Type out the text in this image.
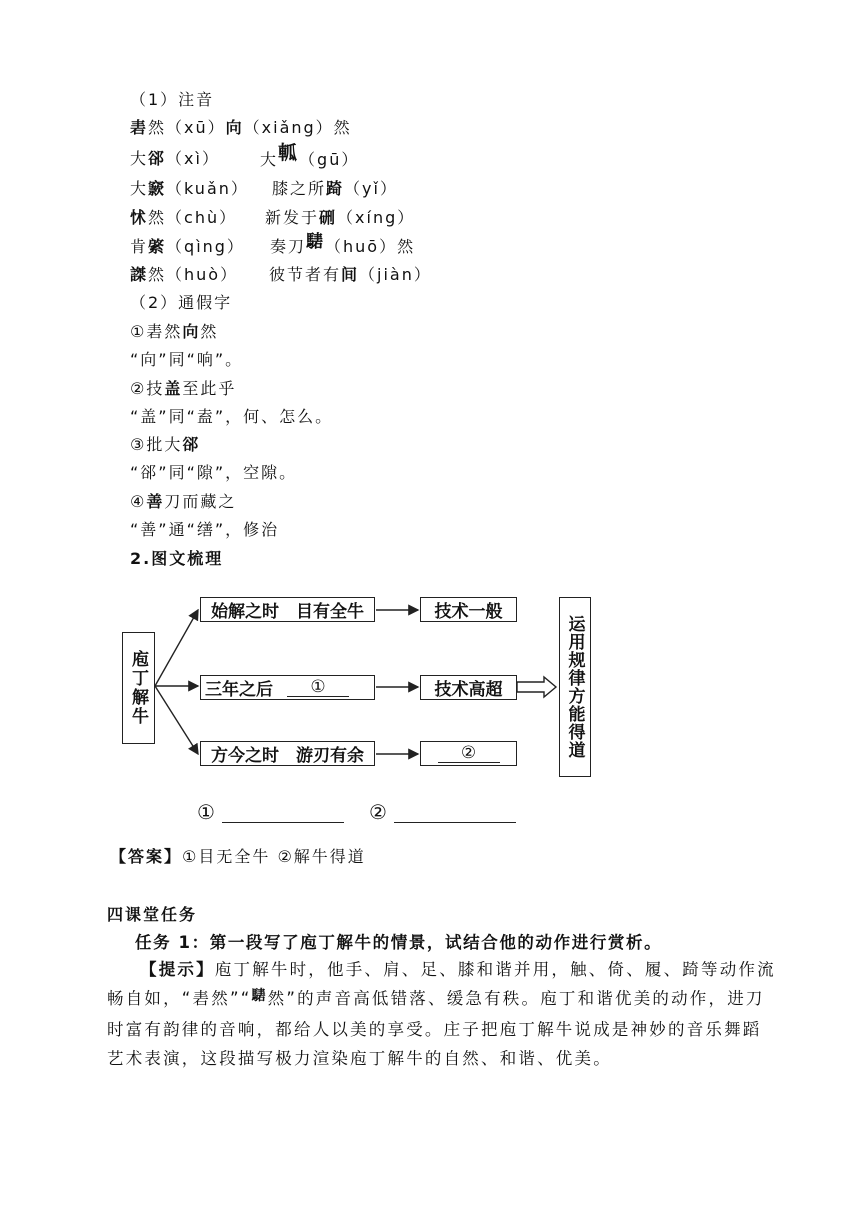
（1）注音
砉然（xū）向（xiǎng）然
大郤（xì）	大軱（gū）
大窾（kuǎn） 膝之所踦（yǐ）
怵然（chù） 新发于硎（xíng）
肯綮（qìng） 奏刀騞（huō）然
謋然（huò） 彼节者有间（jiàn）
（2）通假字
①砉然向然
“向”同“响”。
②技盖至此乎
“盖”同“盍”，何、怎么。
③批大郤
“郤”同“隙”，空隙。
④善刀而藏之
“善”通“缮”，修治
2.图文梳理
庖丁解牛
始解之时　目有全牛
三年之后	①
方今之时　游刃有余
技术一般
技术高超
②	运用规律方能得道
①	②
【答案】①目无全牛 ②解牛得道
四课堂任务
任务 1：第一段写了庖丁解牛的情景，试结合他的动作进行赏析。
【提示】庖丁解牛时，他手、肩、足、膝和谐并用，触、倚、履、踦等动作流畅自如，“砉然”“$^騞$然”的声音高低错落、缓急有秩。庖丁和谐优美的动作，进刀时富有韵律的音响，都给人以美的享受。庄子把庖丁解牛说成是神妙的音乐舞蹈艺术表演，这段描写极力渲染庖丁解牛的自然、和谐、优美。
